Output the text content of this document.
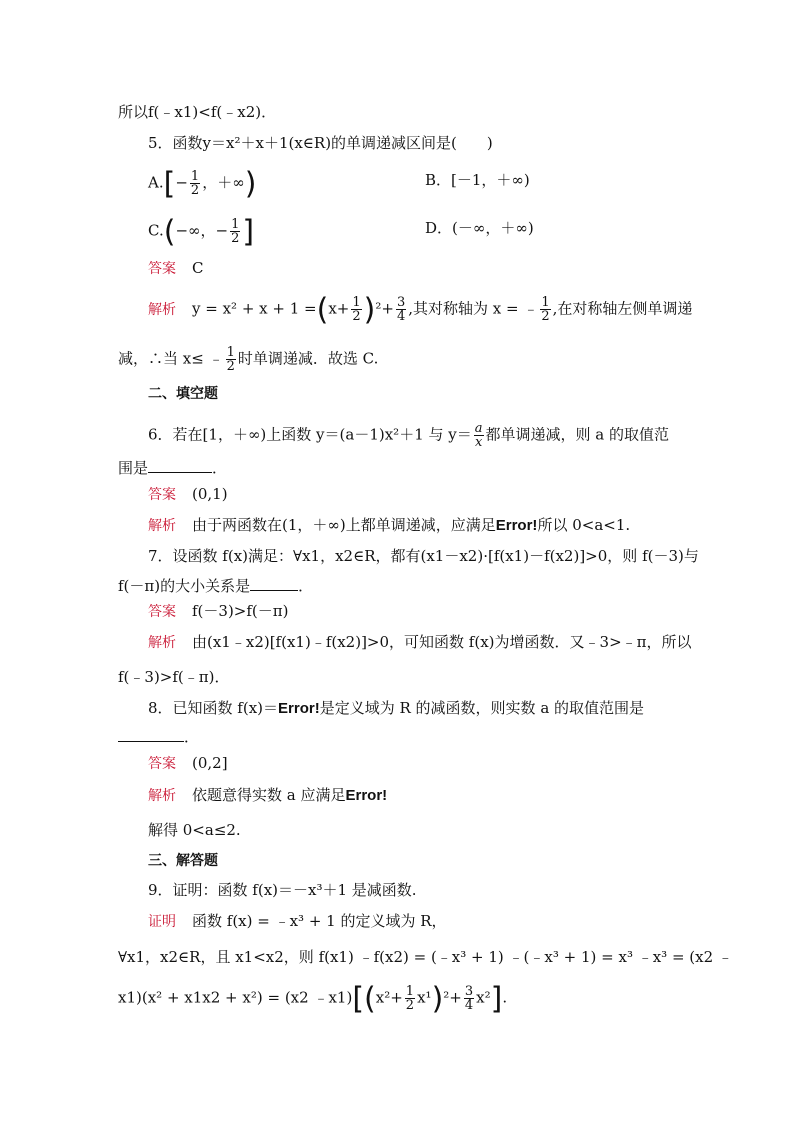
所以f(﹣x1)<f(﹣x2)．
5．函数y＝x²＋x＋1(x∈R)的单调递减区间是(　　)
$A.[- \frac{1}{2}$ ，＋∞)	B．[－1，＋∞)
C.(−∞，− $\frac{1}{2}$ ]	D．(－∞，＋∞)
答案 C
解析 $y = x^2 + x + 1 =(x+ \frac{1}{2} )^2+ \frac{3}{4}$ ,其对称轴为 x = ﹣ $\frac{1}{2}$ ,在对称轴左侧单调递
减，∴当 x≤ ﹣ $\frac{1}{2}$ 时单调递减．故选 C.
二、填空题
6．若在[1，＋∞)上函数 y＝(a－1)x²＋1 与 $y= \frac{a}{x}$ 都单调递减，则 a 的取值范
围是	．
答案 (0,1)
解析 由于两函数在(1，＋∞)上都单调递减，应满足Error!所以 0<a<1.
7．设函数 f(x)满足：∀x1，x2∈R，都有(x1－x2)·[f(x1)－f(x2)]>0，则 f(－3)与
f(－π)的大小关系是	．
答案 f(－3)>f(－π)
解析 由(x1﹣x2)[f(x1)﹣f(x2)]>0，可知函数 f(x)为增函数．又﹣3>﹣π，所以
f(﹣3)>f(﹣π)．
8．已知函数 f(x)＝Error!是定义域为 R 的减函数，则实数 a 的取值范围是
．
答案 (0,2]
解析 依题意得实数 a 应满足Error!
解得 0<a≤2.
三、解答题
9．证明：函数 f(x)＝－x³＋1 是减函数.
证明 函数 f(x) = ﹣x³ + 1 的定义域为 R，
∀x1，x2∈R，且 x1<x2，则 f(x1) ﹣f(x2) = (﹣x³ + 1) ﹣(﹣x³ + 1) = x³ ﹣x³ = (x2 ﹣
x1)(x² + x1x2 + x²) = (x2 ﹣x1)[(x²+ $\frac{1}{2} x^1)^2+ \frac{3}{4} x^2$].
